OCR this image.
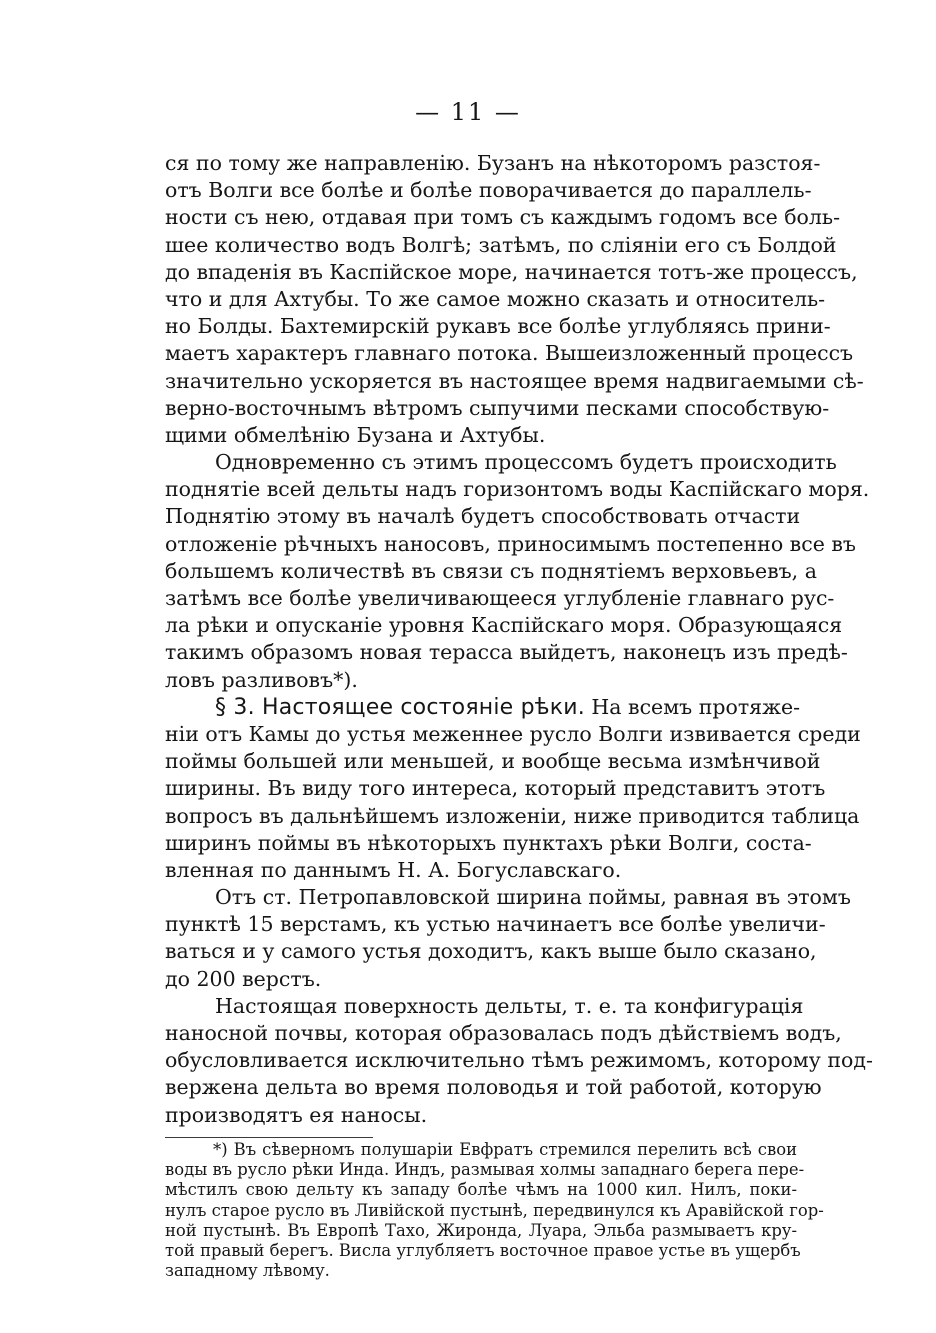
— 11 —
ся по тому же направленію. Бузанъ на нѣкоторомъ разстоя-
отъ Волги все болѣе и болѣе поворачивается до параллель-
ности съ нею, отдавая при томъ съ каждымъ годомъ все боль-
шее количество водъ Волгѣ; затѣмъ, по сліяніи его съ Болдой
до впаденія въ Каспійское море, начинается тотъ-же процессъ,
что и для Ахтубы. То же самое можно сказать и относитель-
но Болды. Бахтемирскій рукавъ все болѣе углубляясь прини-
маетъ характеръ главнаго потока. Вышеизложенный процессъ
значительно ускоряется въ настоящее время надвигаемыми сѣ-
верно-восточнымъ вѣтромъ сыпучими песками способствую-
щими обмелѣнію Бузана и Ахтубы.
Одновременно съ этимъ процессомъ будетъ происходить
поднятіе всей дельты надъ горизонтомъ воды Каспійскаго моря.
Поднятію этому въ началѣ будетъ способствовать отчасти
отложеніе рѣчныхъ наносовъ, приносимымъ постепенно все въ
большемъ количествѣ въ связи съ поднятіемъ верховьевъ, а
затѣмъ все болѣе увеличивающееся углубленіе главнаго рус-
ла рѣки и опусканіе уровня Каспійскаго моря. Образующаяся
такимъ образомъ новая терасса выйдетъ, наконецъ изъ предѣ-
ловъ разливовъ*).
§ 3. Настоящее состояніе рѣки. На всемъ протяже-
ніи отъ Камы до устья меженнее русло Волги извивается среди
поймы большей или меньшей, и вообще весьма измѣнчивой
ширины. Въ виду того интереса, который представитъ этотъ
вопросъ въ дальнѣйшемъ изложеніи, ниже приводится таблица
ширинъ поймы въ нѣкоторыхъ пунктахъ рѣки Волги, соста-
вленная по даннымъ Н. А. Богуславскаго.
Отъ ст. Петропавловской ширина поймы, равная въ этомъ
пунктѣ 15 верстамъ, къ устью начинаетъ все болѣе увеличи-
ваться и у самого устья доходитъ, какъ выше было сказано,
до 200 верстъ.
Настоящая поверхность дельты, т. е. та конфигурація
наносной почвы, которая образовалась подъ дѣйствіемъ водъ,
обусловливается исключительно тѣмъ режимомъ, которому под-
вержена дельта во время половодья и той работой, которую
производятъ ея наносы.
*) Въ сѣверномъ полушаріи Евфратъ стремился перелить всѣ свои
воды въ русло рѣки Инда. Индъ, размывая холмы западнаго берега пере-
мѣстилъ свою дельту къ западу болѣе чѣмъ на 1000 кил. Нилъ, поки-
нулъ старое русло въ Ливійской пустынѣ, передвинулся къ Аравійской гор-
ной пустынѣ. Въ Европѣ Тахо, Жиронда, Луара, Эльба размываетъ кру-
той правый берегъ. Висла углубляетъ восточное правое устье въ ущербъ
западному лѣвому.
